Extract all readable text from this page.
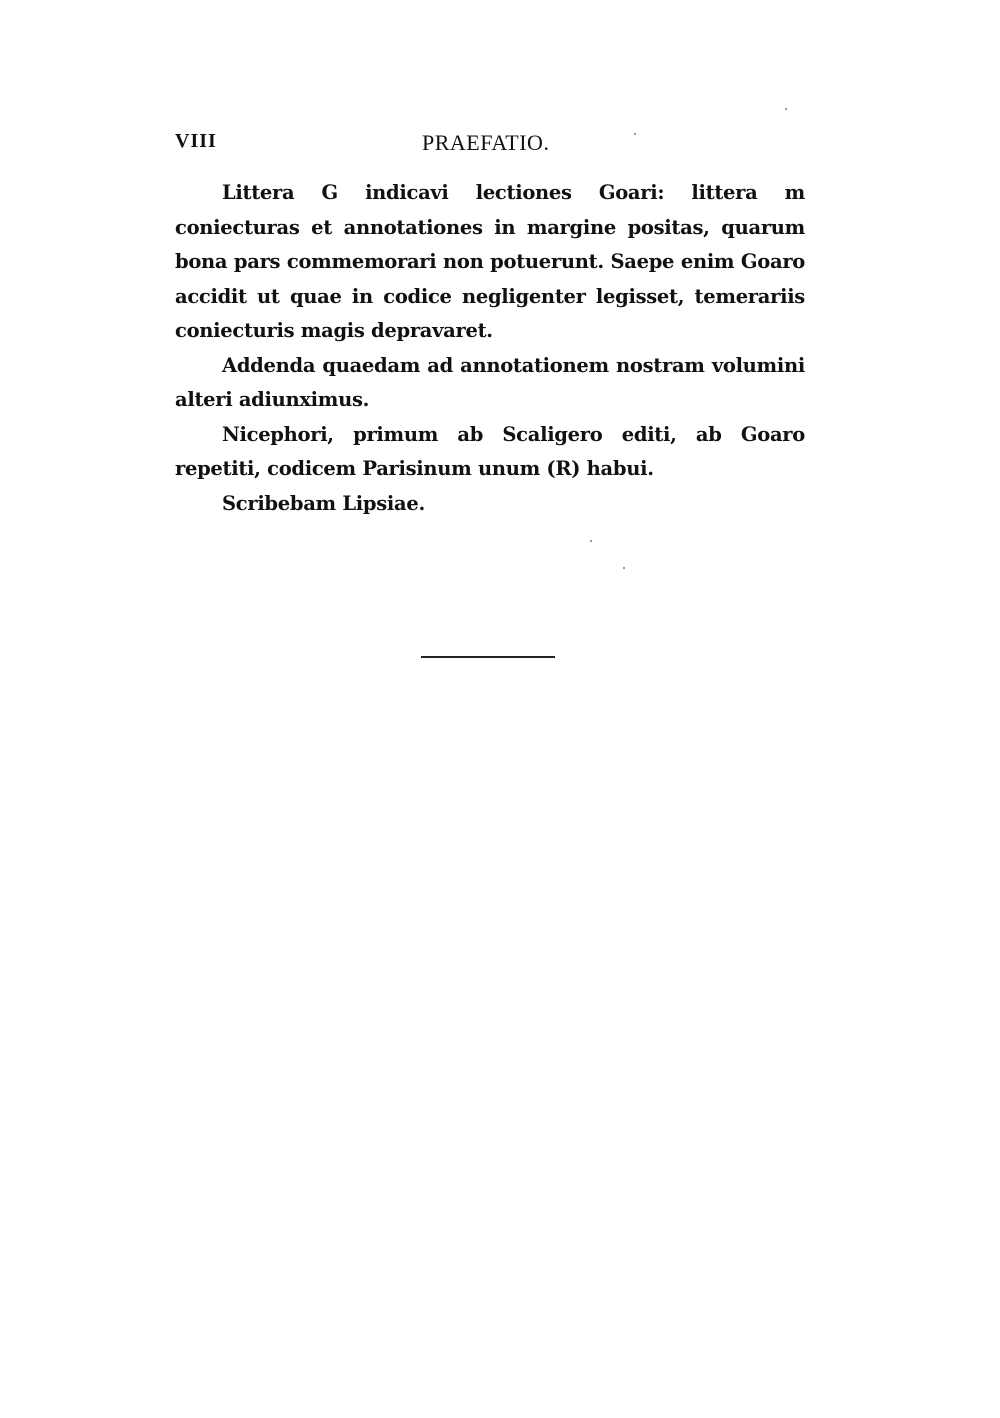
VIII	PRAEFATIO.

Littera G indicavi lectiones Goari: littera m coniecturas et annotationes in margine positas, quarum bona pars commemorari non potuerunt. Saepe enim Goaro accidit ut quae in codice negligenter legisset, temerariis coniecturis magis depravaret.

Addenda quaedam ad annotationem nostram volumini alteri adiunximus.

Nicephori, primum ab Scaligero editi, ab Goaro repetiti, codicem Parisinum unum (R) habui.

Scribebam Lipsiae.
